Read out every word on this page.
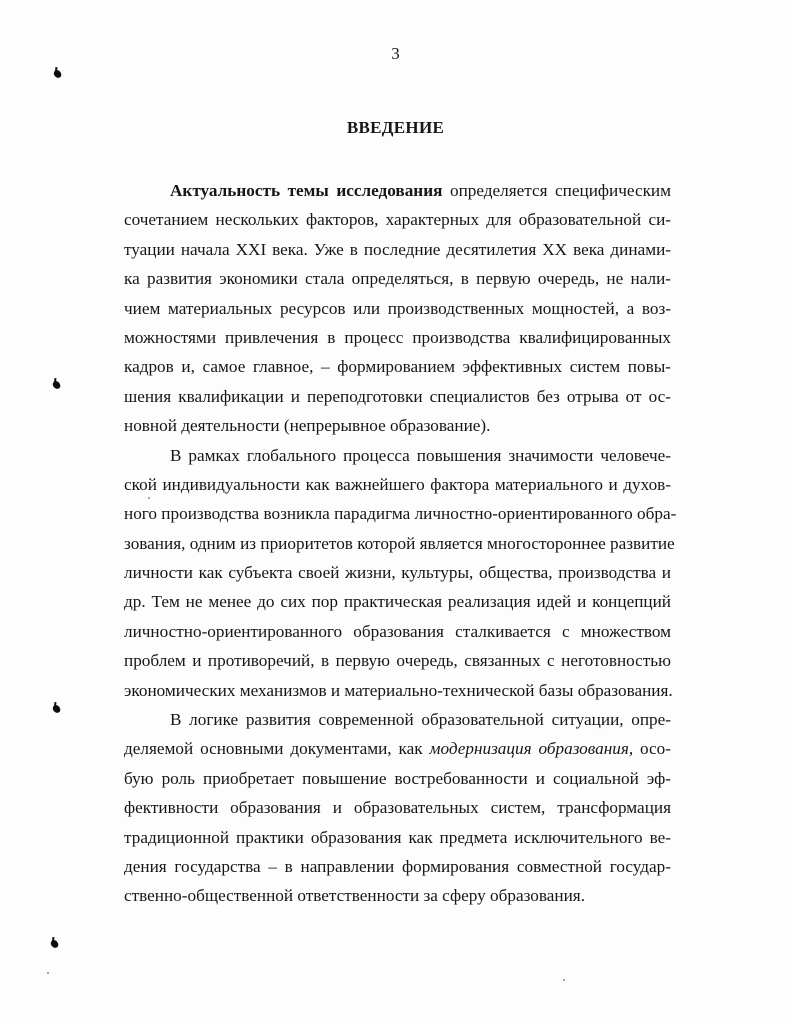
3
ВВЕДЕНИЕ
Актуальность темы исследования определяется специфическим
сочетанием нескольких факторов, характерных для образовательной си-
туации начала XXI века. Уже в последние десятилетия XX века динами-
ка развития экономики стала определяться, в первую очередь, не нали-
чием материальных ресурсов или производственных мощностей, а воз-
можностями привлечения в процесс производства квалифицированных
кадров и, самое главное, – формированием эффективных систем повы-
шения квалификации и переподготовки специалистов без отрыва от ос-
новной деятельности (непрерывное образование).
В рамках глобального процесса повышения значимости человече-
ской индивидуальности как важнейшего фактора материального и духов-
ного производства возникла парадигма личностно-ориентированного обра-
зования, одним из приоритетов которой является многостороннее развитие
личности как субъекта своей жизни, культуры, общества, производства и
др. Тем не менее до сих пор практическая реализация идей и концепций
личностно-ориентированного образования сталкивается с множеством
проблем и противоречий, в первую очередь, связанных с неготовностью
экономических механизмов и материально-технической базы образования.
В логике развития современной образовательной ситуации, опре-
деляемой основными документами, как модернизация образования, осо-
бую роль приобретает повышение востребованности и социальной эф-
фективности образования и образовательных систем, трансформация
традиционной практики образования как предмета исключительного ве-
дения государства – в направлении формирования совместной государ-
ственно-общественной ответственности за сферу образования.
